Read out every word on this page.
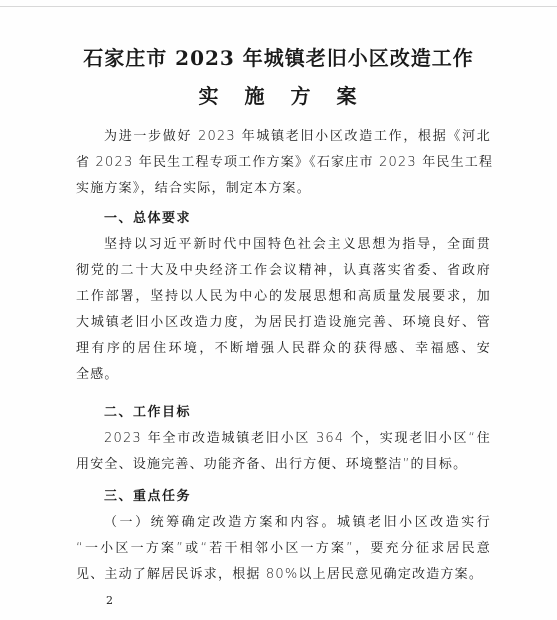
石家庄市 2023 年城镇老旧小区改造工作
实施方案
为进一步做好 2023 年城镇老旧小区改造工作，根据《河北
省 2023 年民生工程专项工作方案》《石家庄市 2023 年民生工程
实施方案》，结合实际，制定本方案。
一、总体要求
坚持以习近平新时代中国特色社会主义思想为指导，全面贯
彻党的二十大及中央经济工作会议精神，认真落实省委、省政府
工作部署，坚持以人民为中心的发展思想和高质量发展要求，加
大城镇老旧小区改造力度，为居民打造设施完善、环境良好、管
理有序的居住环境，不断增强人民群众的获得感、幸福感、安
全感。
二、工作目标
2023 年全市改造城镇老旧小区 364 个，实现老旧小区“住
用安全、设施完善、功能齐备、出行方便、环境整洁”的目标。
三、重点任务
（一）统筹确定改造方案和内容。城镇老旧小区改造实行
“一小区一方案”或“若干相邻小区一方案”，要充分征求居民意
见、主动了解居民诉求，根据 80%以上居民意见确定改造方案。
2
